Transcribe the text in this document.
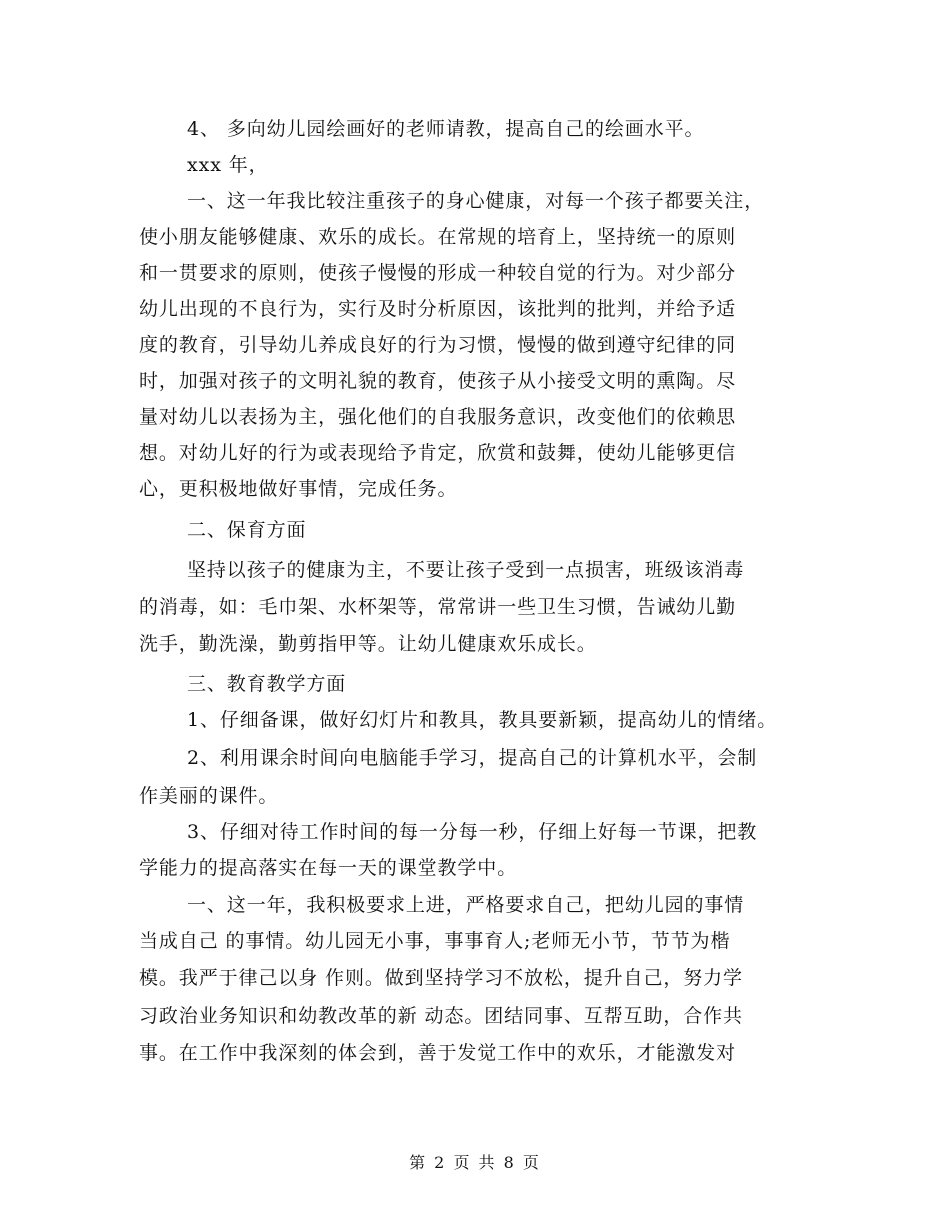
4、 多向幼儿园绘画好的老师请教，提高自己的绘画水平。
xxx 年，
一、这一年我比较注重孩子的身心健康，对每一个孩子都要关注，
使小朋友能够健康、欢乐的成长。在常规的培育上，坚持统一的原则
和一贯要求的原则，使孩子慢慢的形成一种较自觉的行为。对少部分
幼儿出现的不良行为，实行及时分析原因，该批判的批判，并给予适
度的教育，引导幼儿养成良好的行为习惯，慢慢的做到遵守纪律的同
时，加强对孩子的文明礼貌的教育，使孩子从小接受文明的熏陶。尽
量对幼儿以表扬为主，强化他们的自我服务意识，改变他们的依赖思
想。对幼儿好的行为或表现给予肯定，欣赏和鼓舞，使幼儿能够更信
心，更积极地做好事情，完成任务。
二、保育方面
坚持以孩子的健康为主，不要让孩子受到一点损害，班级该消毒
的消毒，如：毛巾架、水杯架等，常常讲一些卫生习惯，告诫幼儿勤
洗手，勤洗澡，勤剪指甲等。让幼儿健康欢乐成长。
三、教育教学方面
1、仔细备课，做好幻灯片和教具，教具要新颖，提高幼儿的情绪。
2、利用课余时间向电脑能手学习，提高自己的计算机水平，会制
作美丽的课件。
3、仔细对待工作时间的每一分每一秒，仔细上好每一节课，把教
学能力的提高落实在每一天的课堂教学中。
一、这一年，我积极要求上进，严格要求自己，把幼儿园的事情
当成自己 的事情。幼儿园无小事，事事育人;老师无小节，节节为楷
模。我严于律己以身 作则。做到坚持学习不放松，提升自己，努力学
习政治业务知识和幼教改革的新 动态。团结同事、互帮互助，合作共
事。在工作中我深刻的体会到，善于发觉工作中的欢乐，才能激发对
第 2 页 共 8 页
